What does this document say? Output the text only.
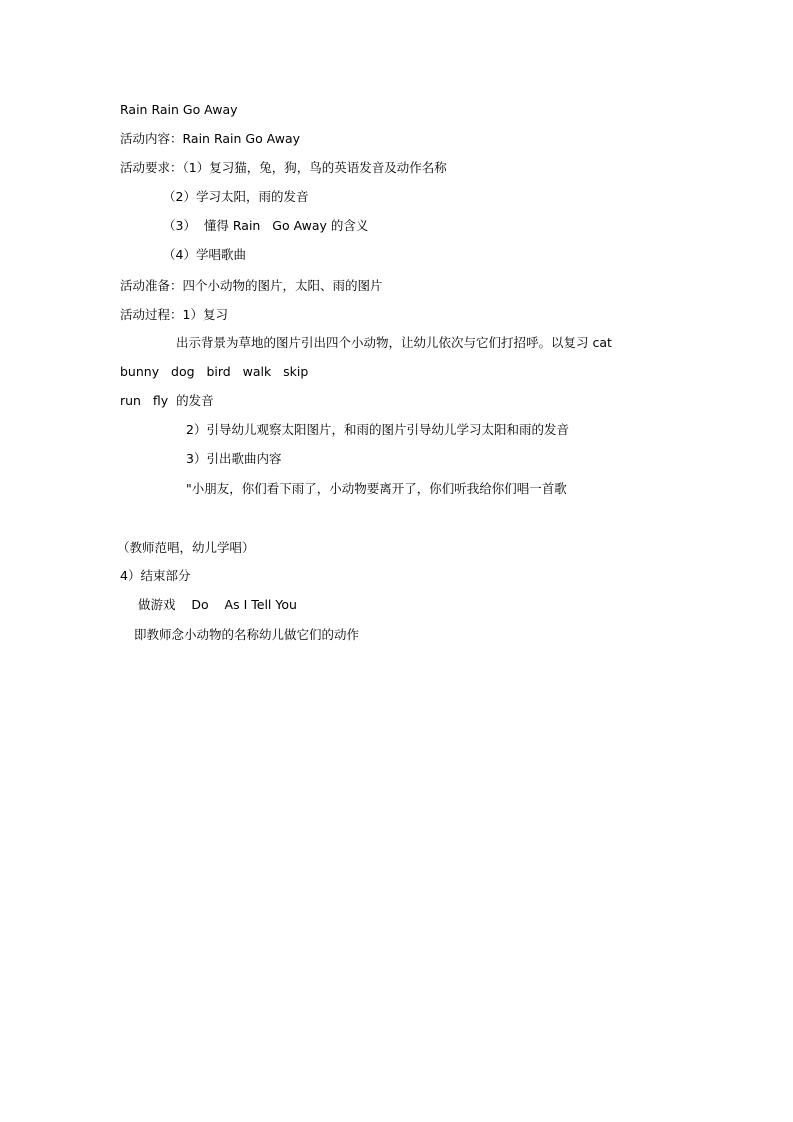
Rain Rain Go Away
活动内容：Rain Rain Go Away
活动要求：（1）复习猫，兔，狗，鸟的英语发音及动作名称
（2）学习太阳，雨的发音
（3）  懂得 Rain   Go Away 的含义
（4）学唱歌曲
活动准备：四个小动物的图片，太阳、雨的图片
活动过程：1）复习
出示背景为草地的图片引出四个小动物，让幼儿依次与它们打招呼。以复习 cat
bunny   dog   bird   walk   skip
run   fly  的发音
2）引导幼儿观察太阳图片，和雨的图片引导幼儿学习太阳和雨的发音
3）引出歌曲内容
"小朋友，你们看下雨了，小动物要离开了，你们听我给你们唱一首歌
（教师范唱，幼儿学唱）
4）结束部分
做游戏    Do    As I Tell You
即教师念小动物的名称幼儿做它们的动作
